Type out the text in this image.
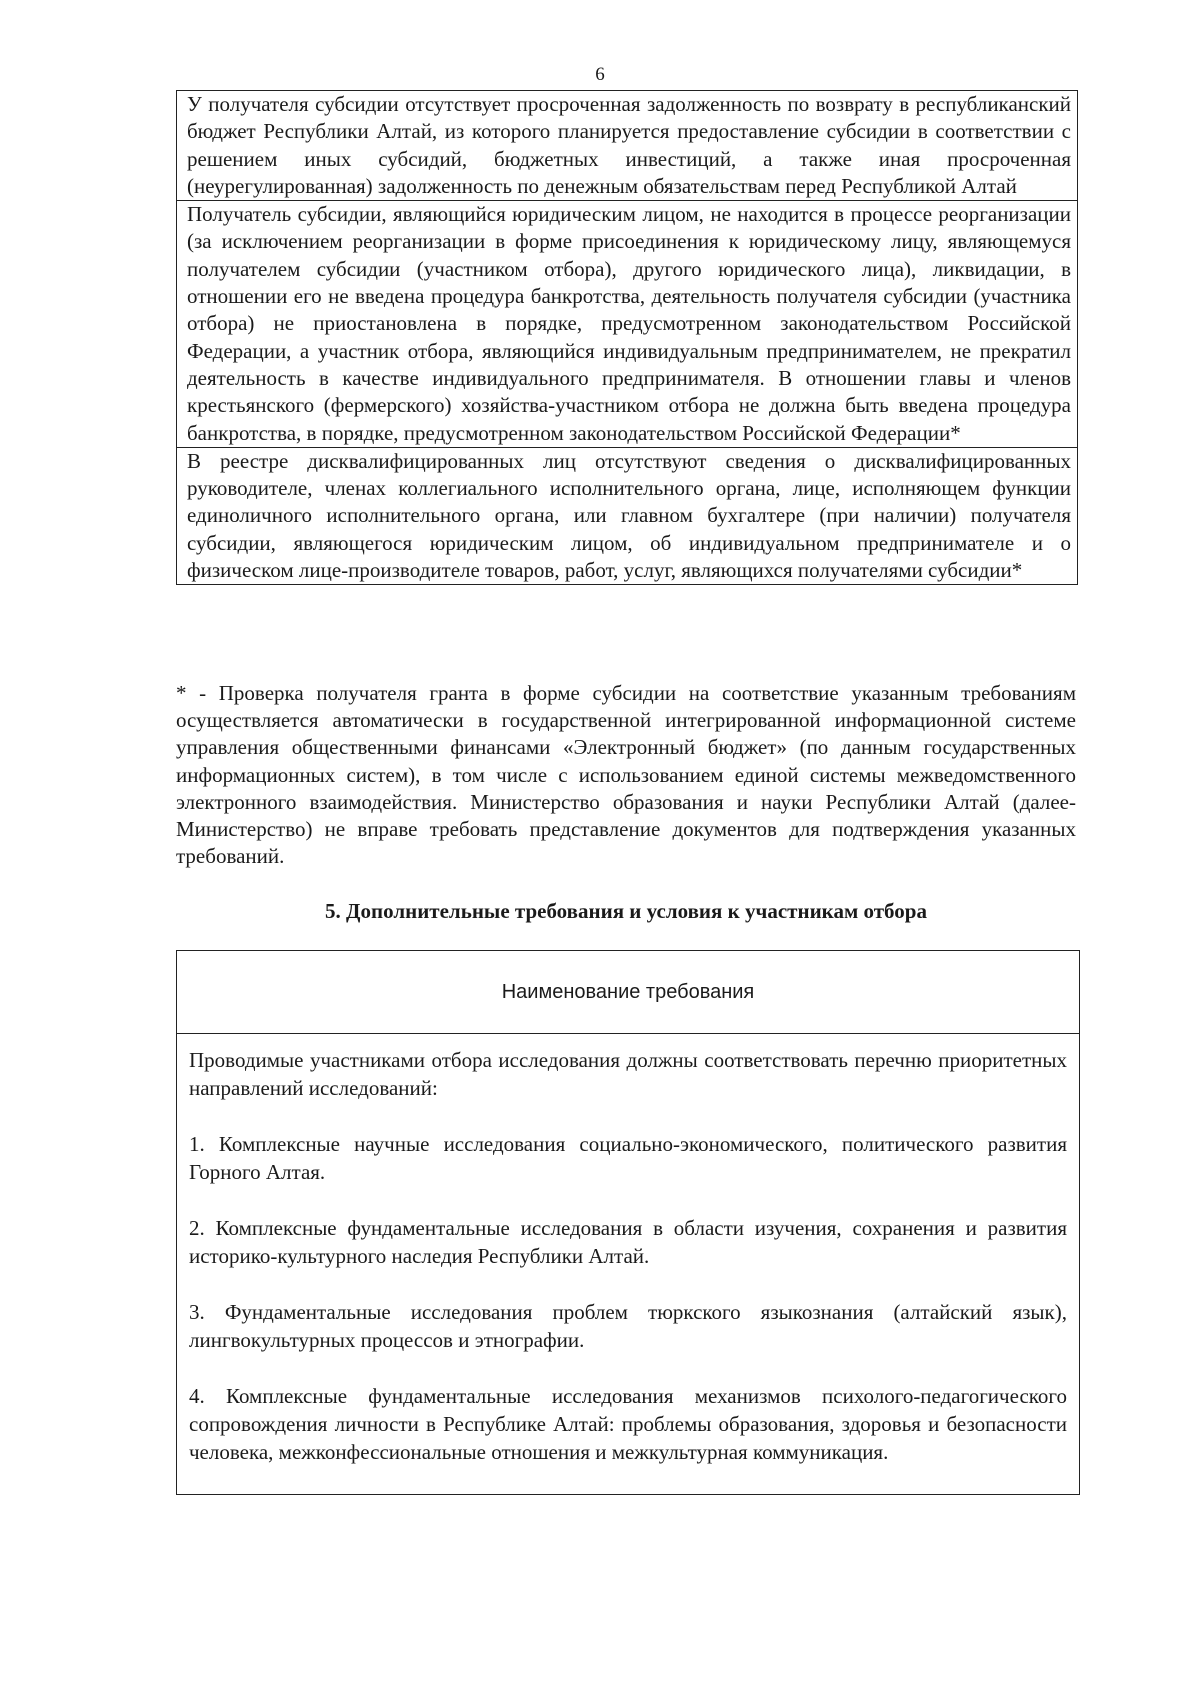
6
У получателя субсидии отсутствует просроченная задолженность по возврату в республиканский бюджет Республики Алтай, из которого планируется предоставление субсидии в соответствии с решением иных субсидий, бюджетных инвестиций, а также иная просроченная (неурегулированная) задолженность по денежным обязательствам перед Республикой Алтай
Получатель субсидии, являющийся юридическим лицом, не находится в процессе реорганизации (за исключением реорганизации в форме присоединения к юридическому лицу, являющемуся получателем субсидии (участником отбора), другого юридического лица), ликвидации, в отношении его не введена процедура банкротства, деятельность получателя субсидии (участника отбора) не приостановлена в порядке, предусмотренном законодательством Российской Федерации, а участник отбора, являющийся индивидуальным предпринимателем, не прекратил деятельность в качестве индивидуального предпринимателя. В отношении главы и членов крестьянского (фермерского) хозяйства-участником отбора не должна быть введена процедура банкротства, в порядке, предусмотренном законодательством Российской Федерации*
В реестре дисквалифицированных лиц отсутствуют сведения о дисквалифицированных руководителе, членах коллегиального исполнительного органа, лице, исполняющем функции единоличного исполнительного органа, или главном бухгалтере (при наличии) получателя субсидии, являющегося юридическим лицом, об индивидуальном предпринимателе и о физическом лице-производителе товаров, работ, услуг, являющихся получателями субсидии*

* - Проверка получателя гранта в форме субсидии на соответствие указанным требованиям осуществляется автоматически в государственной интегрированной информационной системе управления общественными финансами «Электронный бюджет» (по данным государственных информационных систем), в том числе с использованием единой системы межведомственного электронного взаимодействия. Министерство образования и науки Республики Алтай (далее- Министерство) не вправе требовать представление документов для подтверждения указанных требований.

5. Дополнительные требования и условия к участникам отбора
Наименование требования

Проводимые участниками отбора исследования должны соответствовать перечню приоритетных направлений исследований:

1. Комплексные научные исследования социально-экономического, политического развития Горного Алтая.

2. Комплексные фундаментальные исследования в области изучения, сохранения и развития историко-культурного наследия Республики Алтай.

3. Фундаментальные исследования проблем тюркского языкознания (алтайский язык), лингвокультурных процессов и этнографии.

4. Комплексные фундаментальные исследования механизмов психолого-педагогического сопровождения личности в Республике Алтай: проблемы образования, здоровья и безопасности человека, межконфессиональные отношения и межкультурная коммуникация.
